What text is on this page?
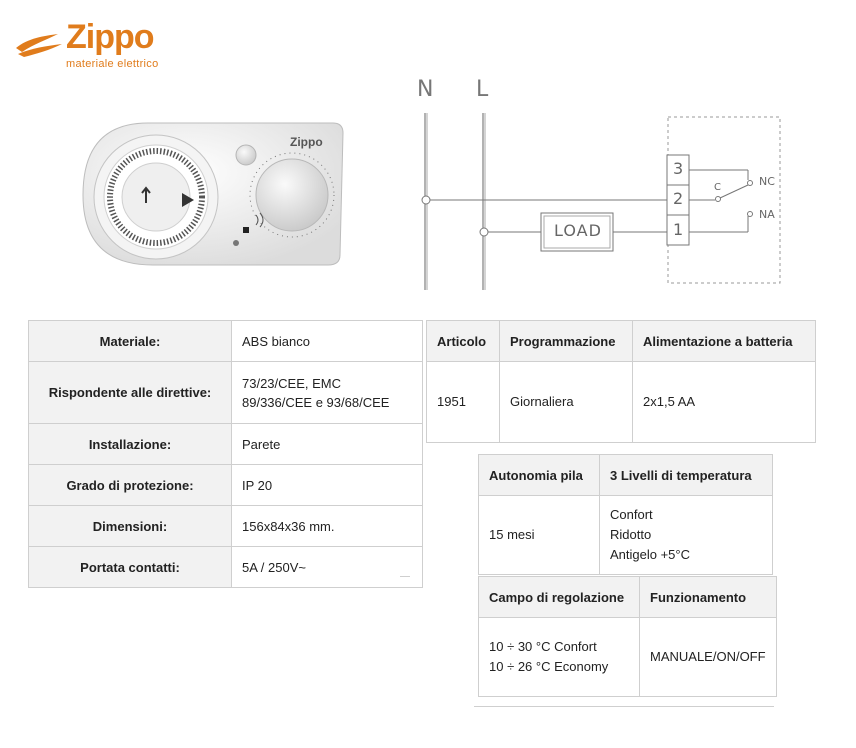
Zippo
materiale elettrico
Zippo
N L
LOAD
3
2
1
C	NC
NA
Materiale:	ABS bianco
Rispondente alle direttive:	73/23/CEE, EMC 89/336/CEE e 93/68/CEE
Installazione:	Parete
Grado di protezione:	IP 20
Dimensioni:	156x84x36 mm.
Portata contatti:	5A / 250V~
Articolo	Programmazione	Alimentazione a batteria
1951	Giornaliera	2x1,5 AA
Autonomia pila	3 Livelli di temperatura
15 mesi	Confort
Ridotto
Antigelo +5°C
Campo di regolazione	Funzionamento

10 ÷ 30 °C Confort
10 ÷ 26 °C Economy	MANUALE/ON/OFF
